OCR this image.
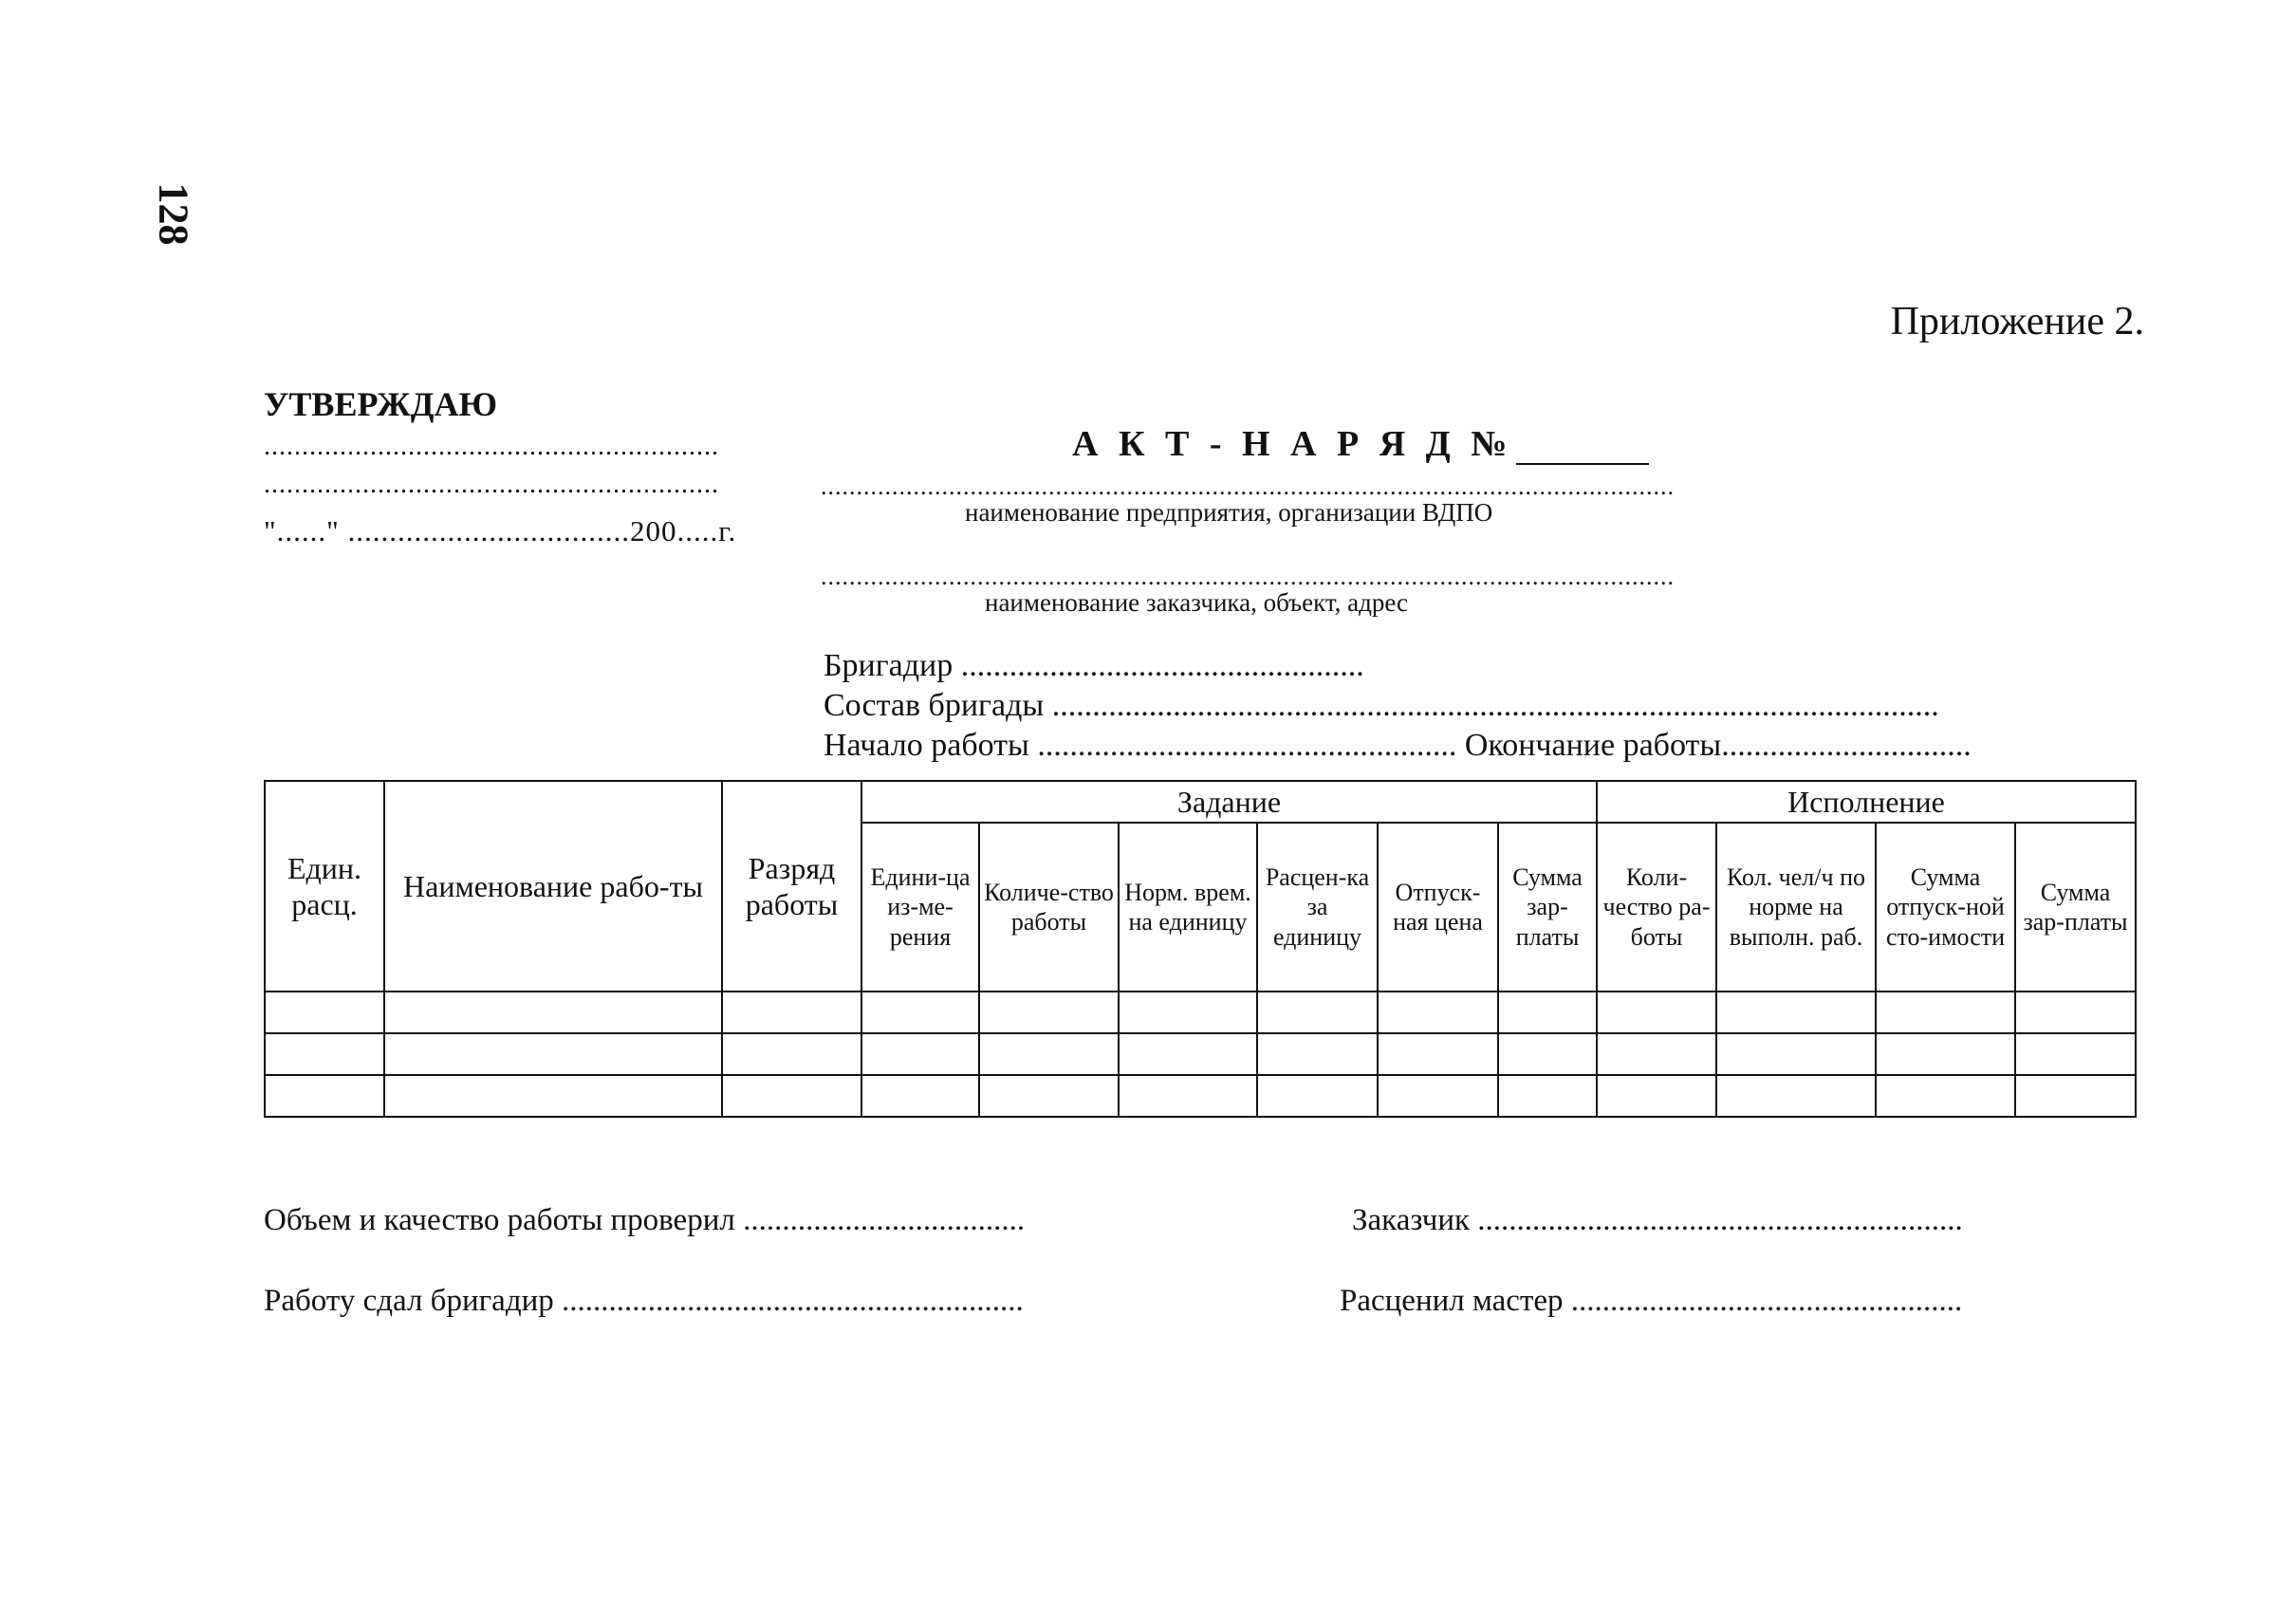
128
Приложение 2.
УТВЕРЖДАЮ
............................................................
............................................................
"......" ..................................200.....г.
А К Т - Н А Р Я Д №
........................................................................................................................
наименование предприятия, организации ВДПО
........................................................................................................................
наименование заказчика, объект, адрес
Бригадир ..................................................
Состав бригады ..............................................................................................................
Начало работы .................................................... Окончание работы...............................
Един. расц.	Наименование рабо-ты	Разряд работы	Задание						Исполнение			
			Едини-ца из-ме-рения	Количе-ство работы	Норм. врем. на единицу	Расцен-ка за единицу	Отпуск-ная цена	Сумма зар-платы	Коли-чество ра-боты	Кол. чел/ч по норме на выполн. раб.	Сумма отпуск-ной сто-имости	Сумма зар-платы

Объем и качество работы проверил ....................................	Заказчик ..............................................................
Работу сдал бригадир ...........................................................	Расценил мастер ..................................................
